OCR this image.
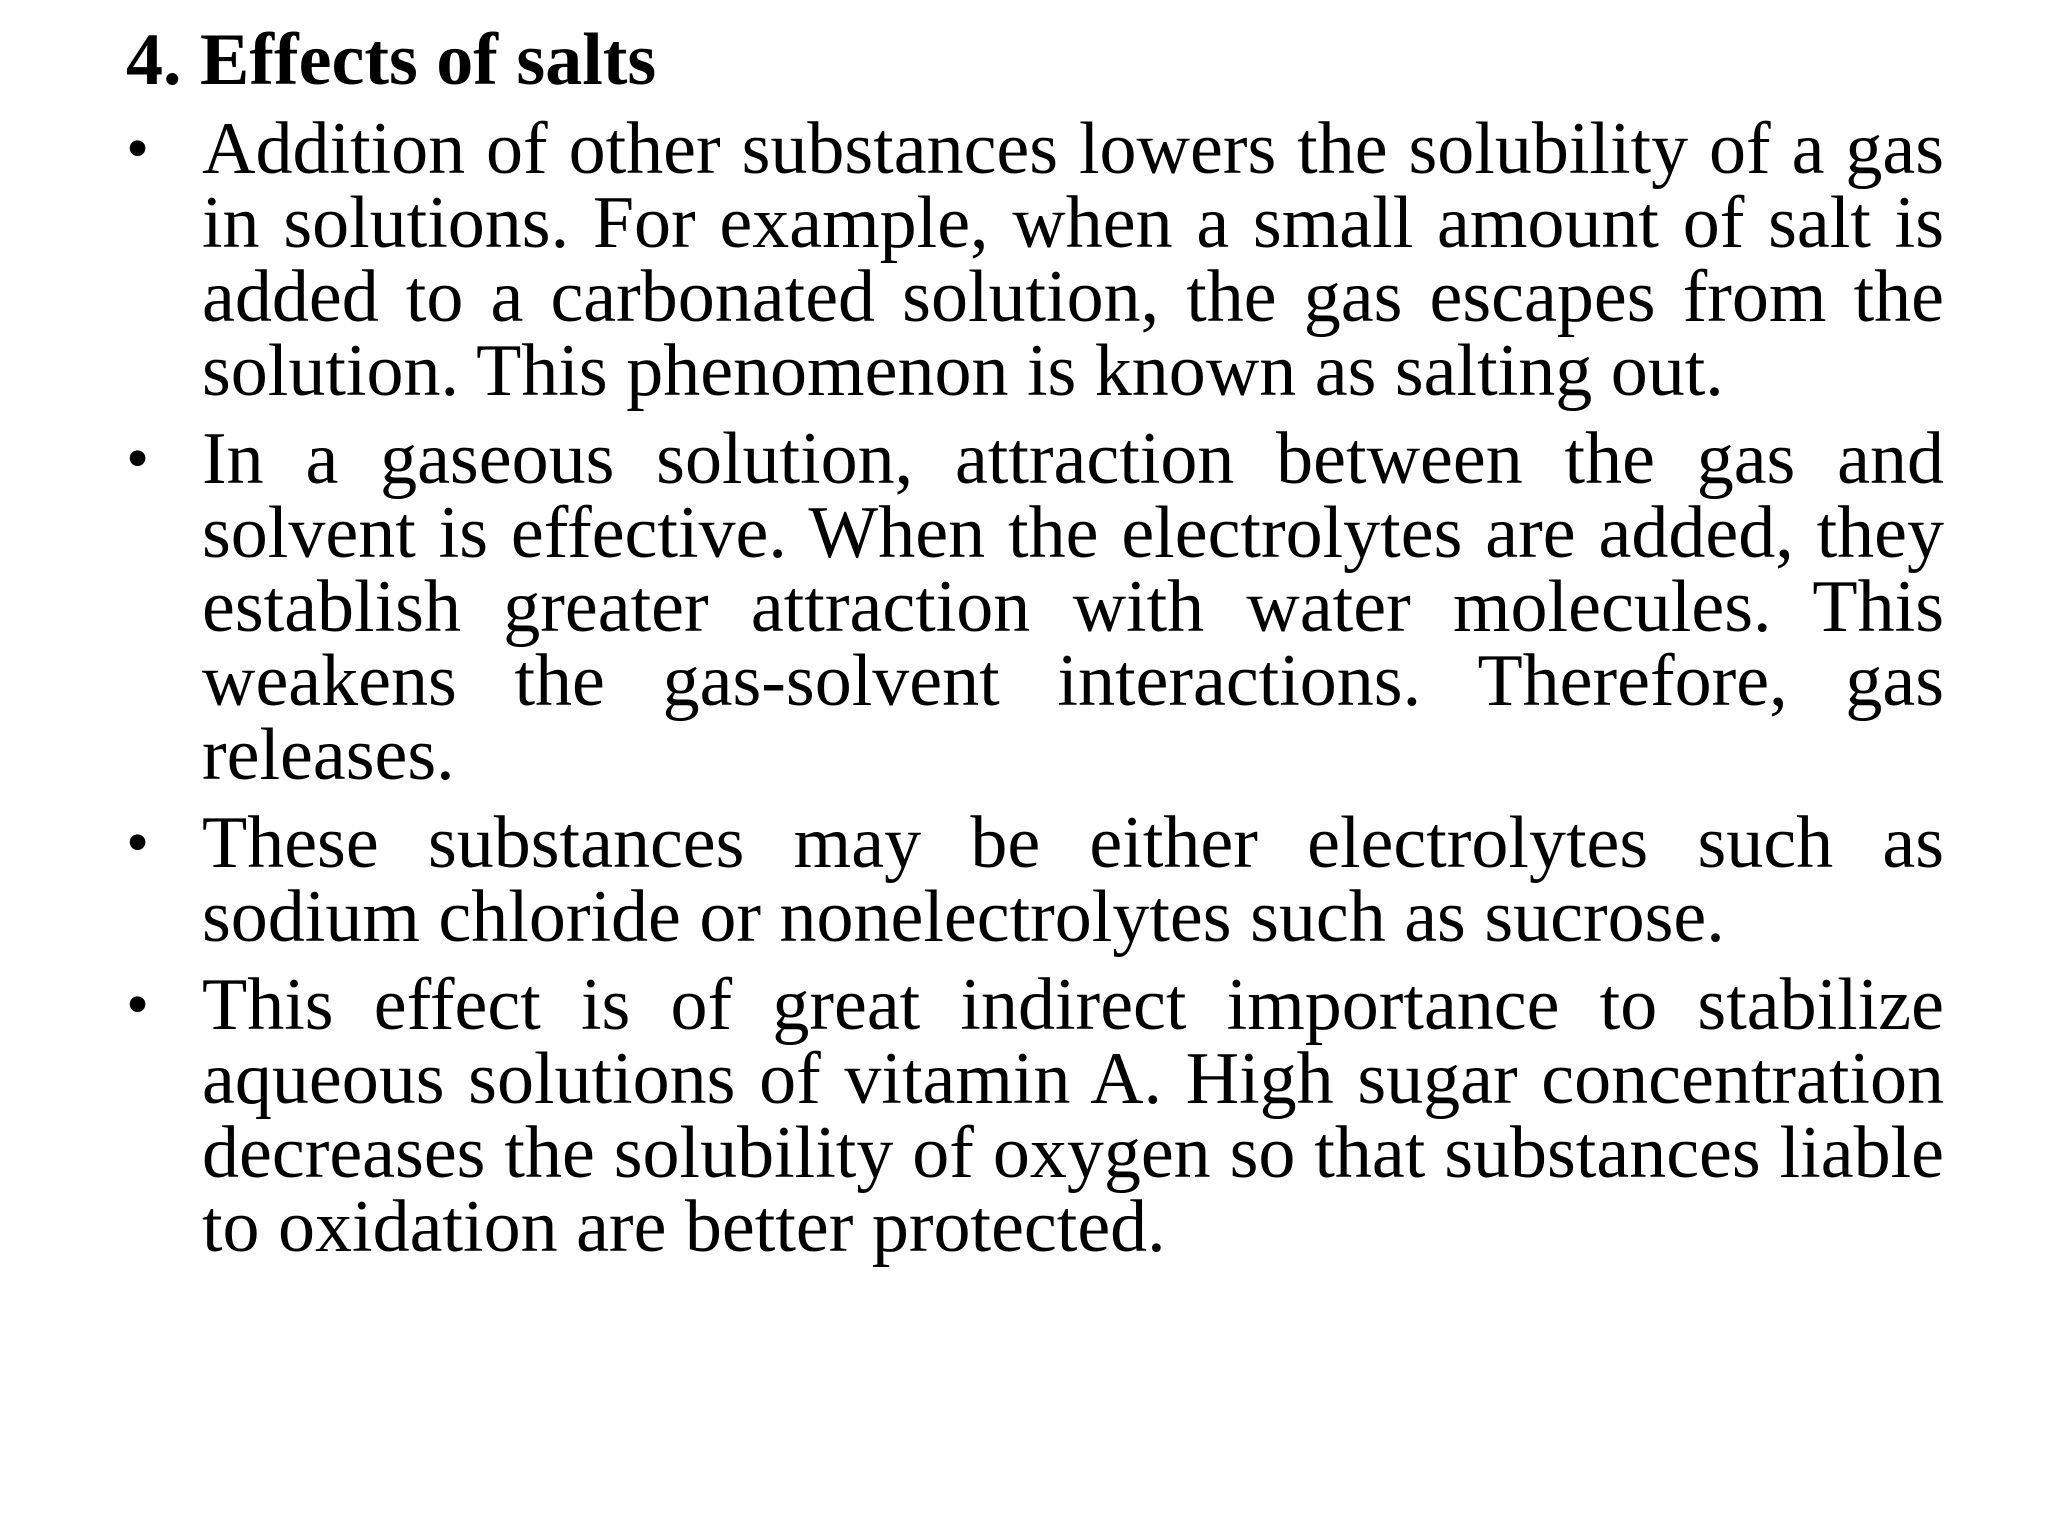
4. Effects of salts
• Addition of other substances lowers the solubility of a gas in solutions. For example, when a small amount of salt is added to a carbonated solution, the gas escapes from the solution. This phenomenon is known as salting out.
• In a gaseous solution, attraction between the gas and solvent is effective. When the electrolytes are added, they establish greater attraction with water molecules. This weakens the gas-solvent interactions. Therefore, gas releases.
• These substances may be either electrolytes such as sodium chloride or nonelectrolytes such as sucrose.
• This effect is of great indirect importance to stabilize aqueous solutions of vitamin A. High sugar concentration decreases the solubility of oxygen so that substances liable to oxidation are better protected.
